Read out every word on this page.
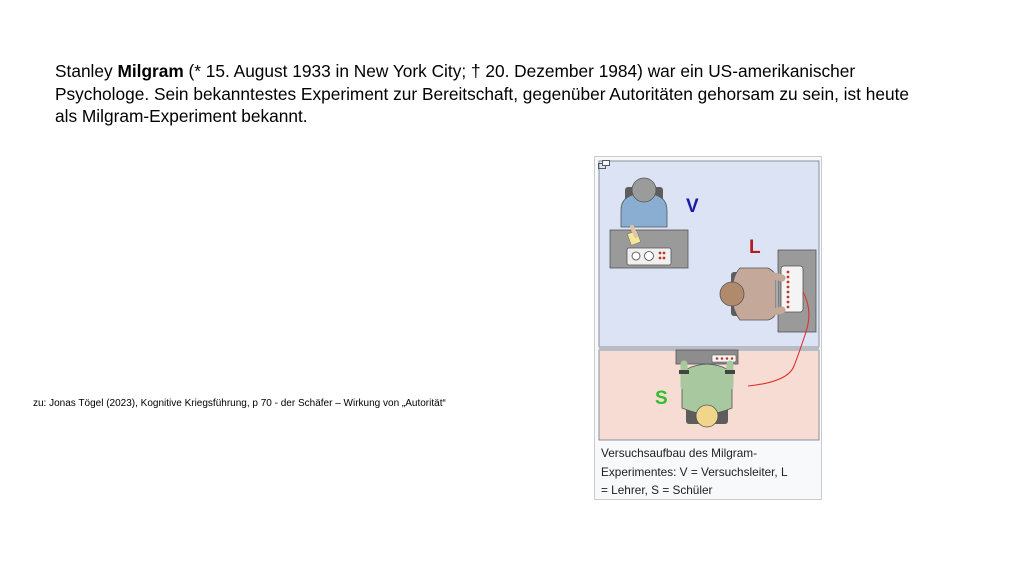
Stanley Milgram (* 15. August 1933 in New York City; † 20. Dezember 1984) war ein US-amerikanischer Psychologe. Sein bekanntestes Experiment zur Bereitschaft, gegenüber Autoritäten gehorsam zu sein, ist heute als Milgram-Experiment bekannt.

zu: Jonas Tögel (2023), Kognitive Kriegsführung, p 70 - der Schäfer – Wirkung von „Autorität“
V
L
S
Versuchsaufbau des Milgram-Experimentes: V = Versuchsleiter, L = Lehrer, S = Schüler
